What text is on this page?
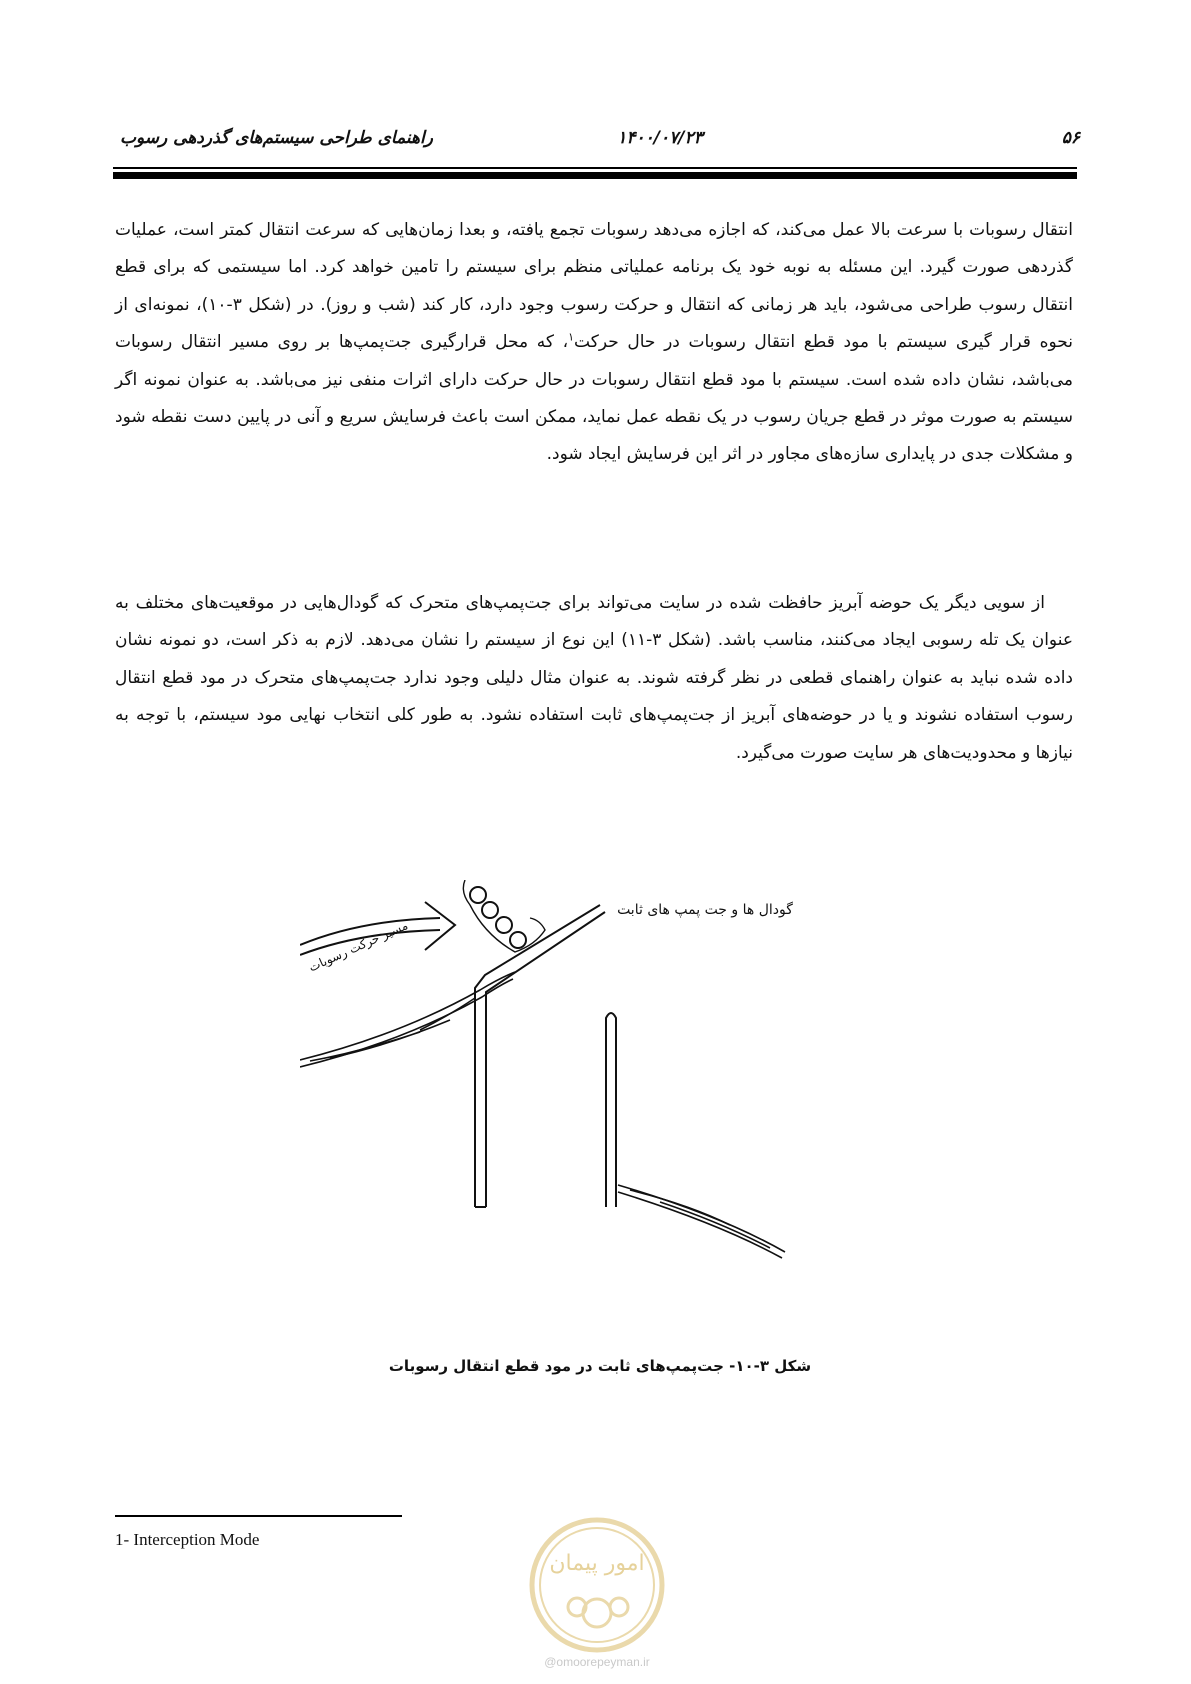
۵۶
۱۴۰۰/۰۷/۲۳
راهنمای طراحی سیستم‌های گذردهی رسوب

انتقال رسوبات با سرعت بالا عمل می‌کند، که اجازه می‌دهد رسوبات تجمع یافته، و بعدا زمان‌هایی که سرعت انتقال کمتر است، عملیات گذردهی صورت گیرد. این مسئله به نوبه خود یک برنامه عملیاتی منظم برای سیستم را تامین خواهد کرد. اما سیستمی که برای قطع انتقال رسوب طراحی می‌شود، باید هر زمانی که انتقال و حرکت رسوب وجود دارد، کار کند (شب و روز). در (شکل ۳-۱۰)، نمونه‌ای از نحوه قرار گیری سیستم با مود قطع انتقال رسوبات در حال حرکت$^۱$، که محل قرارگیری جت‌پمپ‌ها بر روی مسیر انتقال رسوبات می‌باشد، نشان داده شده است. سیستم با مود قطع انتقال رسوبات در حال حرکت دارای اثرات منفی نیز می‌باشد. به عنوان نمونه اگر سیستم به صورت موثر در قطع جریان رسوب در یک نقطه عمل نماید، ممکن است باعث فرسایش سریع و آنی در پایین دست نقطه شود و مشکلات جدی در پایداری سازه‌های مجاور در اثر این فرسایش ایجاد شود.

از سویی دیگر یک حوضه آبریز حافظت شده در سایت می‌تواند برای جت‌پمپ‌های متحرک که گودال‌هایی در موقعیت‌های مختلف به عنوان یک تله رسوبی ایجاد می‌کنند، مناسب باشد. (شکل ۳-۱۱) این نوع از سیستم را نشان می‌دهد. لازم به ذکر است، دو نمونه نشان داده شده نباید به عنوان راهنمای قطعی در نظر گرفته شوند. به عنوان مثال دلیلی وجود ندارد جت‌پمپ‌های متحرک در مود قطع انتقال رسوب استفاده نشوند و یا در حوضه‌های آبریز از جت‌پمپ‌های ثابت استفاده نشود. به طور کلی انتخاب نهایی مود سیستم، با توجه به نیازها و محدودیت‌های هر سایت صورت می‌گیرد.

گودال ها و جت پمپ های ثابت
مسیر حرکت رسوبات
شکل ۳-۱۰- جت‌پمپ‌های ثابت در مود قطع انتقال رسوبات
1- Interception Mode
امور پیمان
@omoorepeyman.ir
